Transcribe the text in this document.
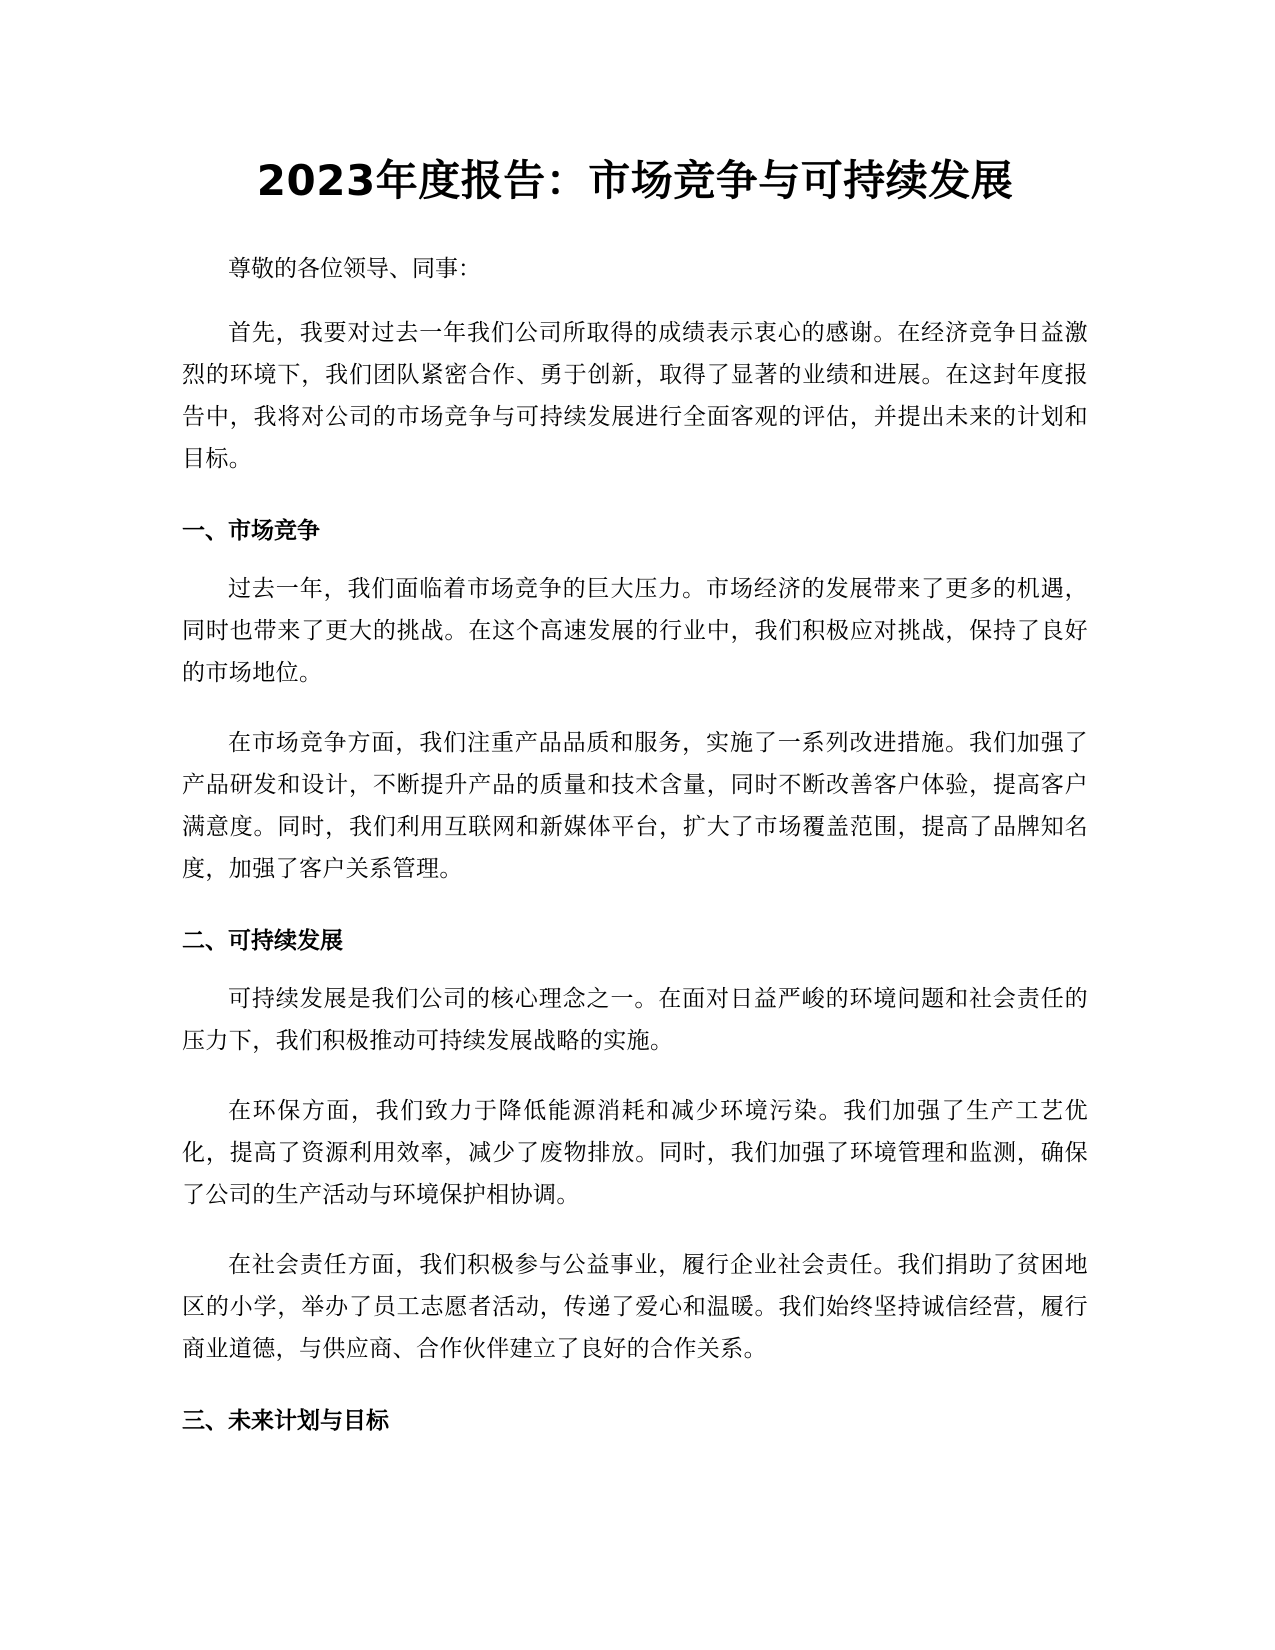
2023年度报告：市场竞争与可持续发展

尊敬的各位领导、同事：

首先，我要对过去一年我们公司所取得的成绩表示衷心的感谢。在经济竞争日益激烈的环境下，我们团队紧密合作、勇于创新，取得了显著的业绩和进展。在这封年度报告中，我将对公司的市场竞争与可持续发展进行全面客观的评估，并提出未来的计划和目标。

一、市场竞争

过去一年，我们面临着市场竞争的巨大压力。市场经济的发展带来了更多的机遇，同时也带来了更大的挑战。在这个高速发展的行业中，我们积极应对挑战，保持了良好的市场地位。

在市场竞争方面，我们注重产品品质和服务，实施了一系列改进措施。我们加强了产品研发和设计，不断提升产品的质量和技术含量，同时不断改善客户体验，提高客户满意度。同时，我们利用互联网和新媒体平台，扩大了市场覆盖范围，提高了品牌知名度，加强了客户关系管理。

二、可持续发展

可持续发展是我们公司的核心理念之一。在面对日益严峻的环境问题和社会责任的压力下，我们积极推动可持续发展战略的实施。

在环保方面，我们致力于降低能源消耗和减少环境污染。我们加强了生产工艺优化，提高了资源利用效率，减少了废物排放。同时，我们加强了环境管理和监测，确保了公司的生产活动与环境保护相协调。

在社会责任方面，我们积极参与公益事业，履行企业社会责任。我们捐助了贫困地区的小学，举办了员工志愿者活动，传递了爱心和温暖。我们始终坚持诚信经营，履行商业道德，与供应商、合作伙伴建立了良好的合作关系。

三、未来计划与目标
